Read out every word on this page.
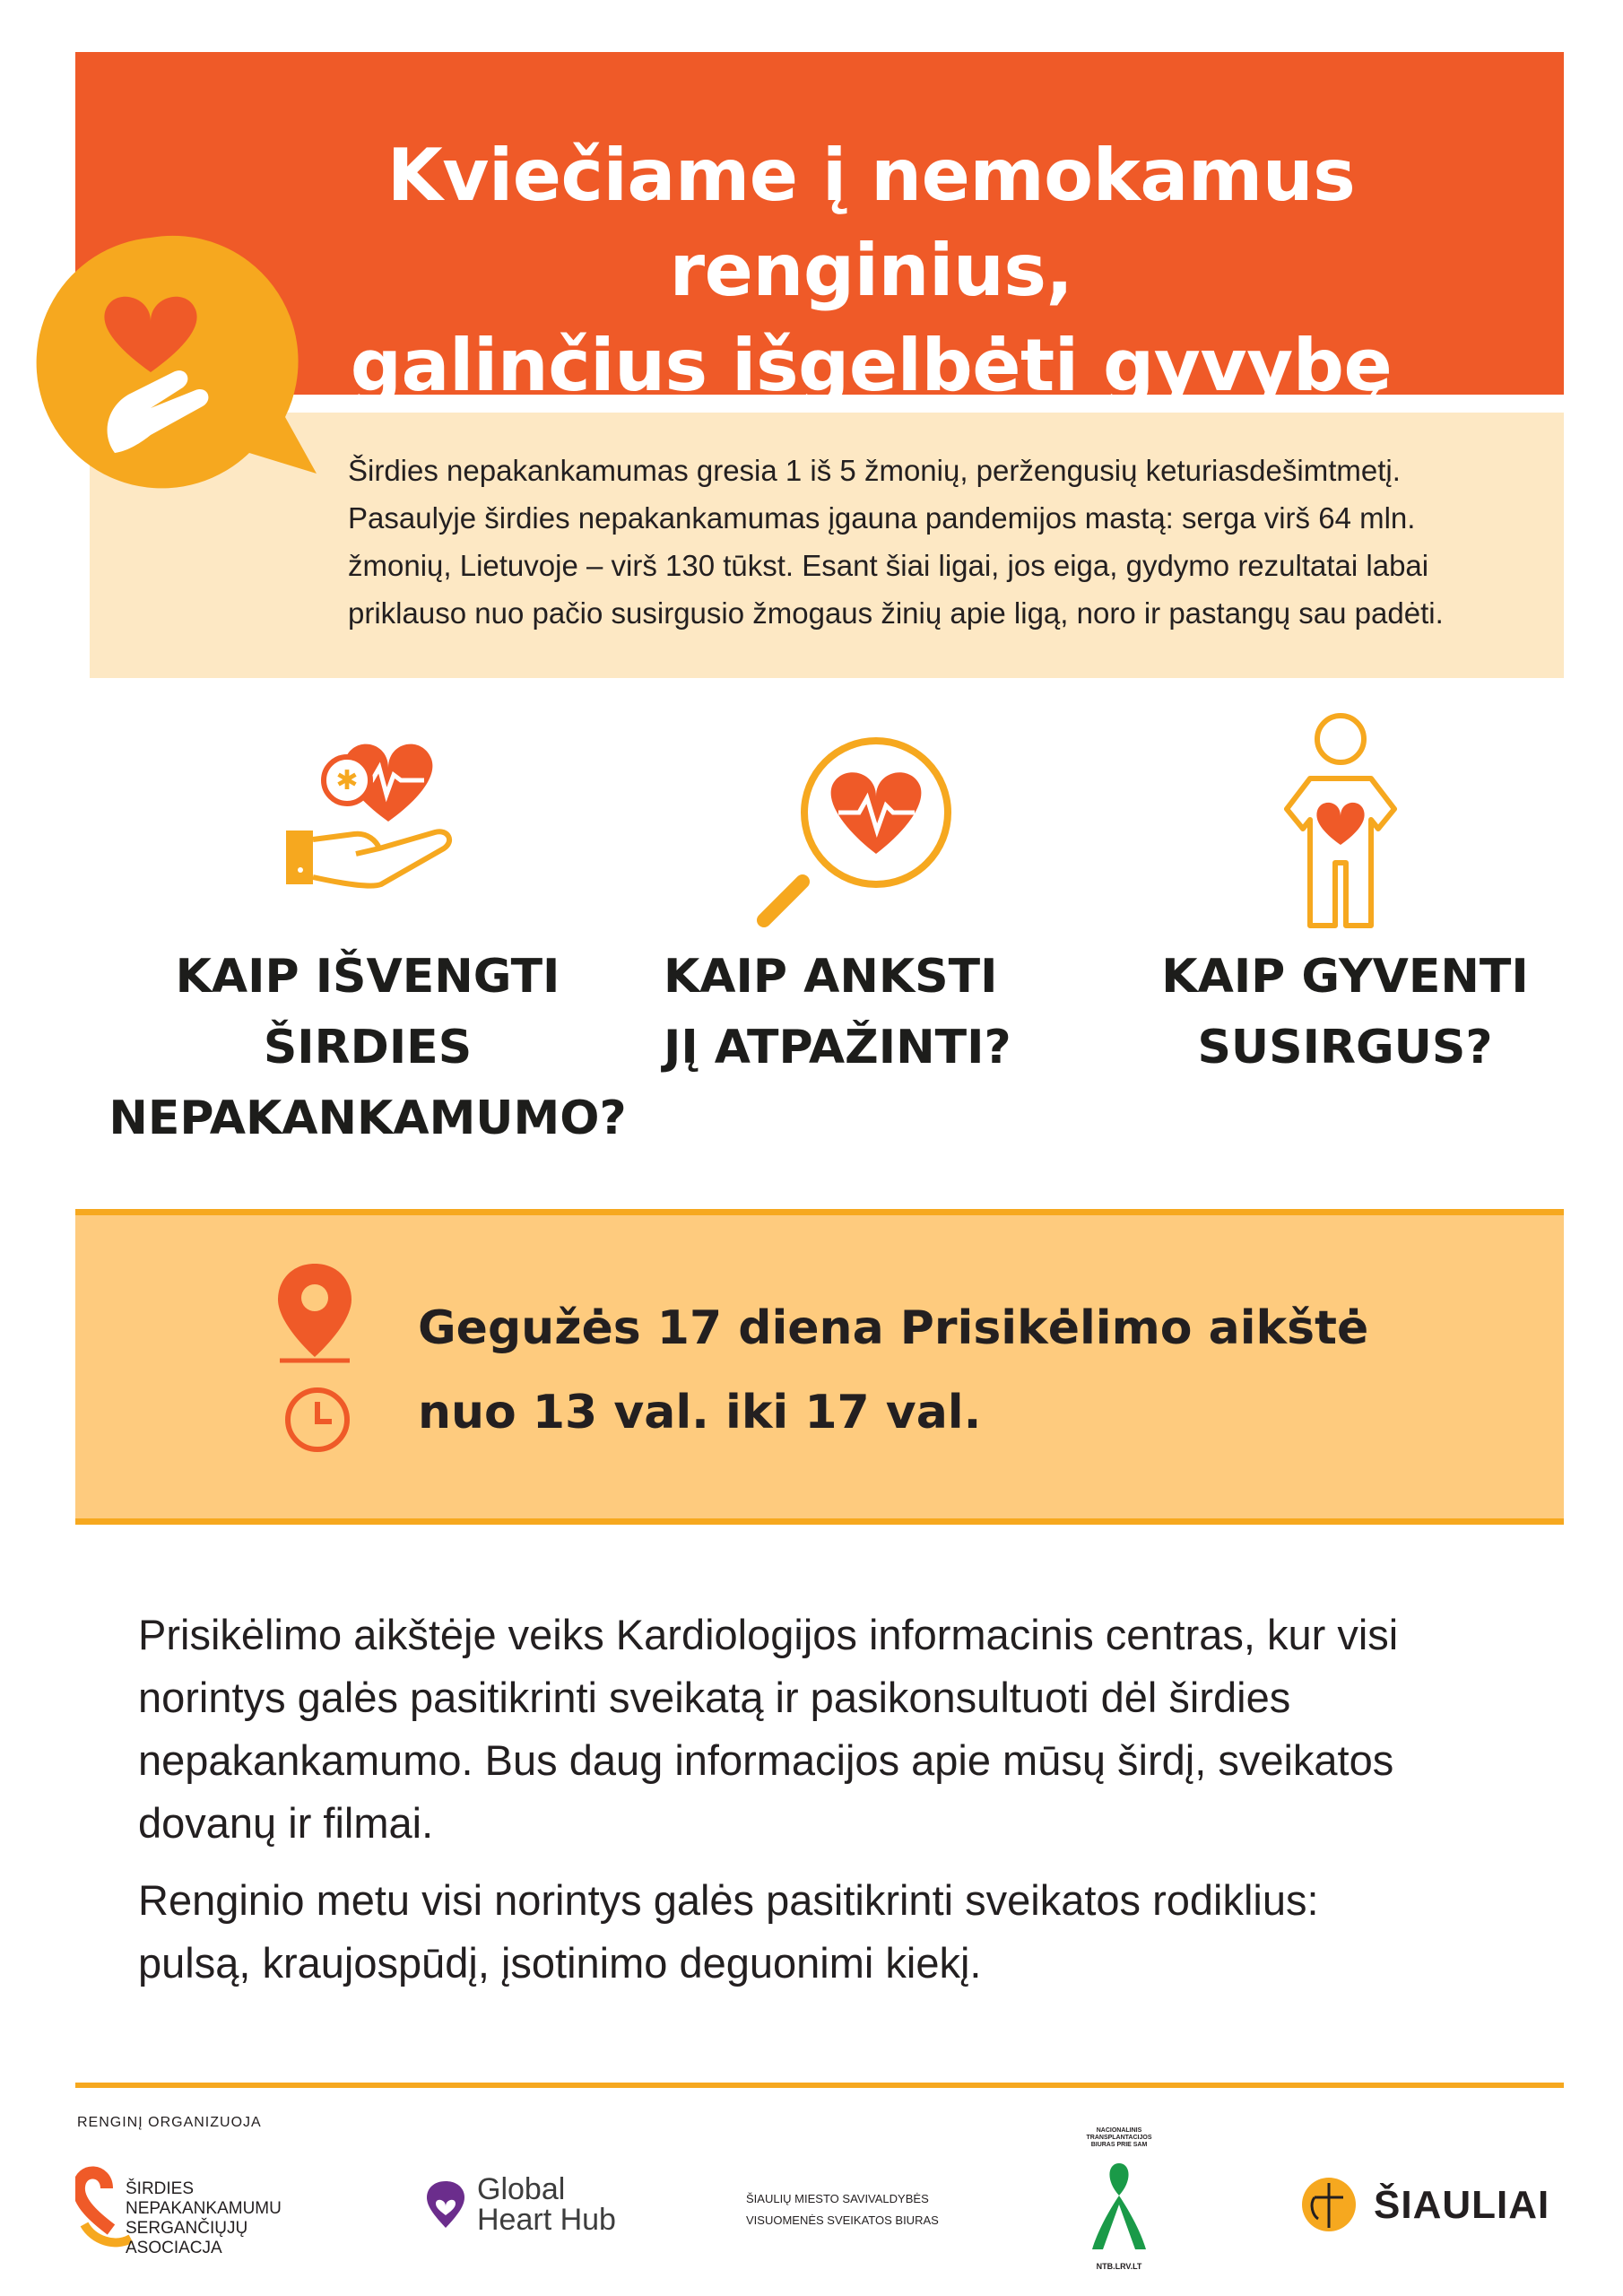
Kviečiame į nemokamus renginius,
galinčius išgelbėti gyvybę
Širdies nepakankamumas gresia 1 iš 5 žmonių, peržengusių keturiasdešimtmetį.
Pasaulyje širdies nepakankamumas įgauna pandemijos mastą: serga virš 64 mln.
žmonių, Lietuvoje – virš 130 tūkst. Esant šiai ligai, jos eiga, gydymo rezultatai labai
priklauso nuo pačio susirgusio žmogaus žinių apie ligą, noro ir pastangų sau padėti.
✱
KAIP IŠVENGTI
ŠIRDIES
NEPAKANKAMUMO?
KAIP ANKSTI
JĮ ATPAŽINTI?
KAIP GYVENTI
SUSIRGUS?
Gegužės 17 diena Prisikėlimo aikštė
nuo 13 val. iki 17 val.
Prisikėlimo aikštėje veiks Kardiologijos informacinis centras, kur visi
norintys galės pasitikrinti sveikatą ir pasikonsultuoti dėl širdies
nepakankamumo. Bus daug informacijos apie mūsų širdį, sveikatos
dovanų ir filmai.
Renginio metu visi norintys galės pasitikrinti sveikatos rodiklius:
pulsą, kraujospūdį, įsotinimo deguonimi kiekį.
RENGINĮ ORGANIZUOJA
ŠIRDIES
NEPAKANKAMUMU
SERGANČIŲJŲ ASOCIACJA
Global
Heart Hub
ŠIAULIŲ MIESTO SAVIVALDYBĖS
VISUOMENĖS SVEIKATOS BIURAS
NACIONALINIS
TRANSPLANTACIJOS
BIURAS PRIE SAM
NTB.LRV.LT
ŠIAULIAI
